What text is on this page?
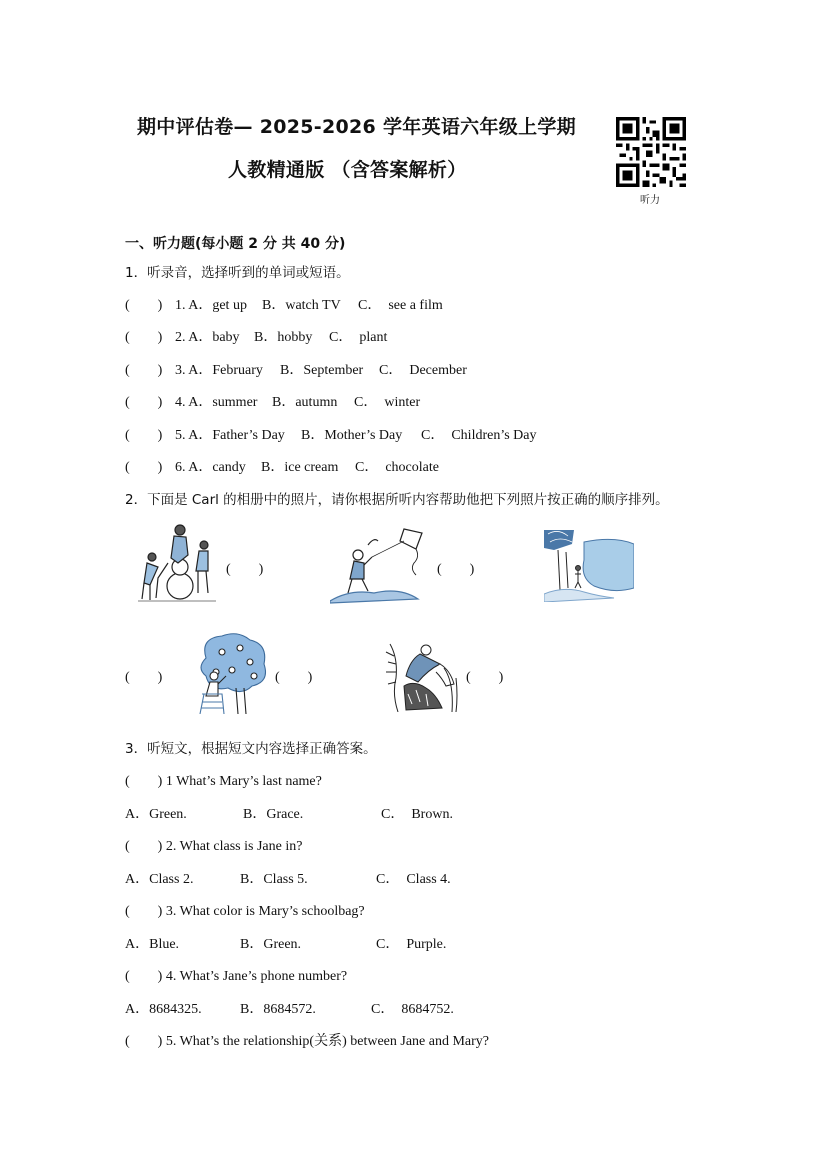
期中评估卷— 2025-2026 学年英语六年级上学期
人教精通版 （含答案解析）
听力
一、听力题(每小题 2 分 共 40 分)
1．听录音，选择听到的单词或短语。
(　　) 1. A．get up B．watch TV C．　see a film
(　　) 2. A．baby B．hobby C．　plant
(　　) 3. A．February B．September C．　December
(　　) 4. A．summer B．autumn C．　winter
(　　) 5. A．Father’s Day B．Mother’s Day C．　Children’s Day
(　　) 6. A．candy B．ice cream C．　chocolate
2．下面是 Carl 的相册中的照片，请你根据所听内容帮助他把下列照片按正确的顺序排列。
(　　)	(　　)
(　　)	(　　)	(　　)
3．听短文，根据短文内容选择正确答案。
(　　) 1 What’s Mary’s last name?
A．Green.	B．Grace.	C．　Brown.
(　　) 2. What class is Jane in?
A．Class 2.	B．Class 5.	C．　Class 4.
(　　) 3. What color is Mary’s schoolbag?
A．Blue.	B．Green.	C．　Purple.
(　　) 4. What’s Jane’s phone number?
A．8684325.	B．8684572.	C．　8684752.
(　　) 5. What’s the relationship(关系) between Jane and Mary?
